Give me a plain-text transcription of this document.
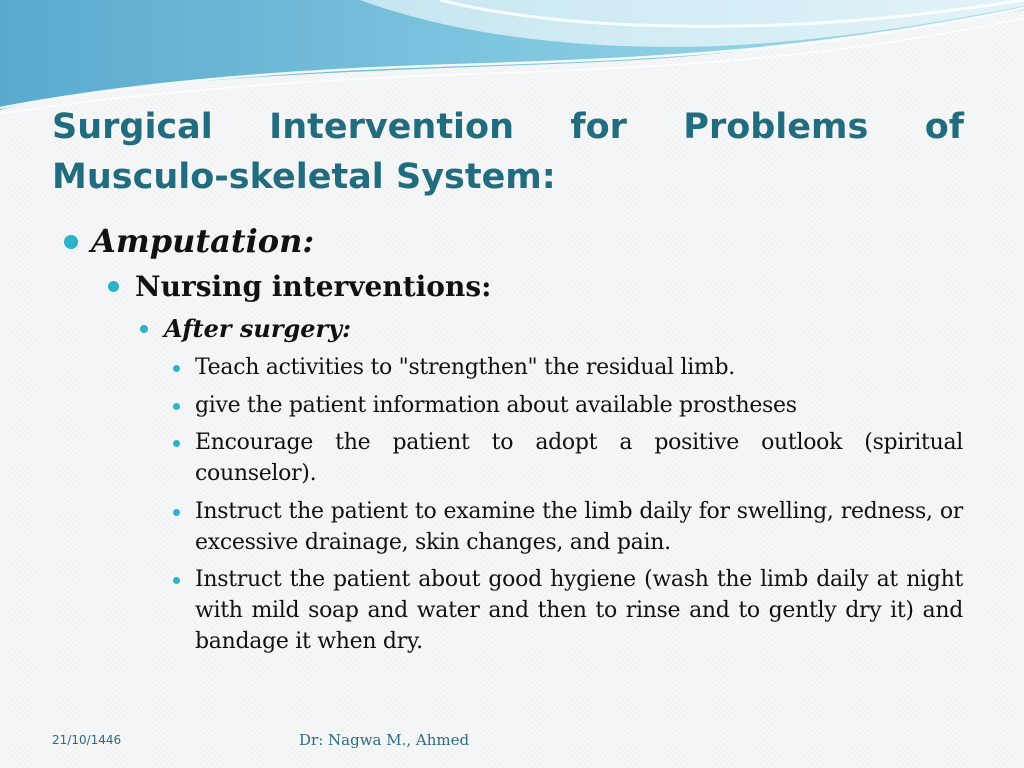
Surgical Intervention for Problems of Musculo-skeletal System:
Amputation:
Nursing interventions:
After surgery:
Teach activities to "strengthen" the residual limb.
give the patient information about available prostheses
Encourage the patient to adopt a positive outlook (spiritual counselor).
Instruct the patient to examine the limb daily for swelling, redness, or excessive drainage, skin changes, and pain.
Instruct the patient about good hygiene (wash the limb daily at night with mild soap and water and then to rinse and to gently dry it) and bandage it when dry.
21/10/1446	Dr: Nagwa M., Ahmed
